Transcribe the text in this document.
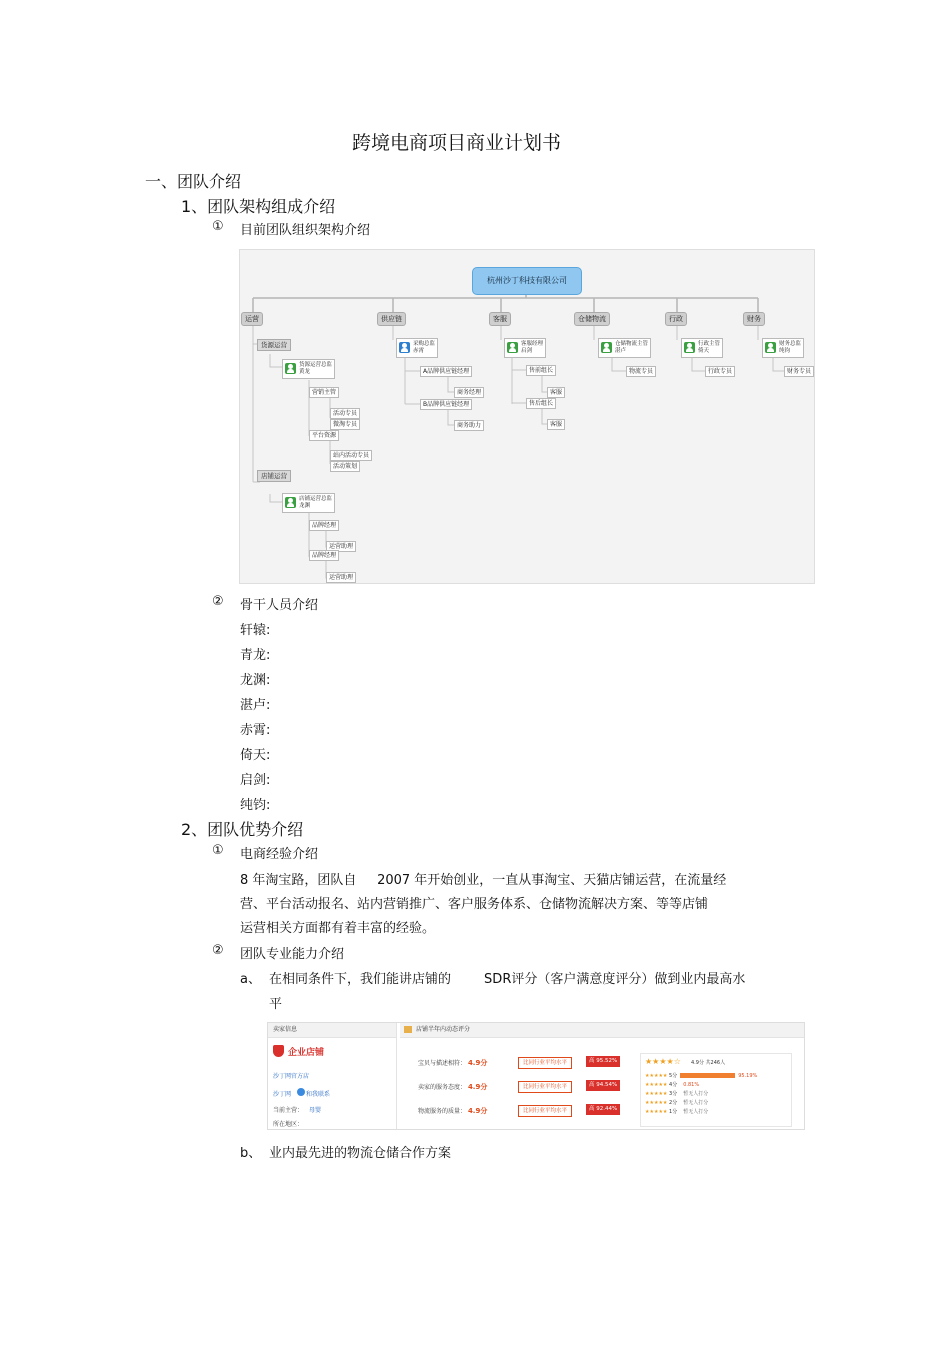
跨境电商项目商业计划书
一、团队介绍
1、团队架构组成介绍
① 目前团队组织架构介绍
杭州沙丁科技有限公司
运营	供应链	客服	仓储物流	行政	财务
货源运营
货源运营总监
黄龙
营销主管
活动专员
微淘专员
平台资源
站内活动专员
活动策划
店铺运营
店铺运营总监
龙渊
品牌经理
运营助理
品牌经理
运营助理
采购总监
赤霄
A品牌供应链经理
商务经理
B品牌供应链经理
商务助力
客服经理
启剑
售前组长
客服
售后组长
客服
仓储物流主管
湛卢
物流专员
行政主管
倚天
行政专员
财务总监
纯钧
财务专员
② 骨干人员介绍
轩辕:
青龙:
龙渊:
湛卢:
赤霄:
倚天:
启剑:
纯钧:
2、团队优势介绍
① 电商经验介绍
8 年淘宝路，团队自     2007 年开始创业，一直从事淘宝、天猫店铺运营，在流量经
营、平台活动报名、站内营销推广、客户服务体系、仓储物流解决方案、等等店铺
运营相关方面都有着丰富的经验。
② 团队专业能力介绍
a、 在相同条件下，我们能讲店铺的        SDR评分（客户满意度评分）做到业内最高水
平
卖家信息
企业店铺
沙丁网官方店
沙丁网 和我联系
当前主营： 母婴
所在地区：
店铺半年内动态评分
宝贝与描述相符： 4.9分	比同行业平均水平	高 95.52%
卖家的服务态度： 4.9分	比同行业平均水平	高 94.54%
物流服务的质量： 4.9分	比同行业平均水平	高 92.44%
★★★★☆ 4.9分 共246人
★★★★★ 5分	95.19%
★★★★★ 4分 0.81%
★★★★★ 3分 暂无人打分
★★★★★ 2分 暂无人打分
★★★★★ 1分 暂无人打分
b、 业内最先进的物流仓储合作方案
